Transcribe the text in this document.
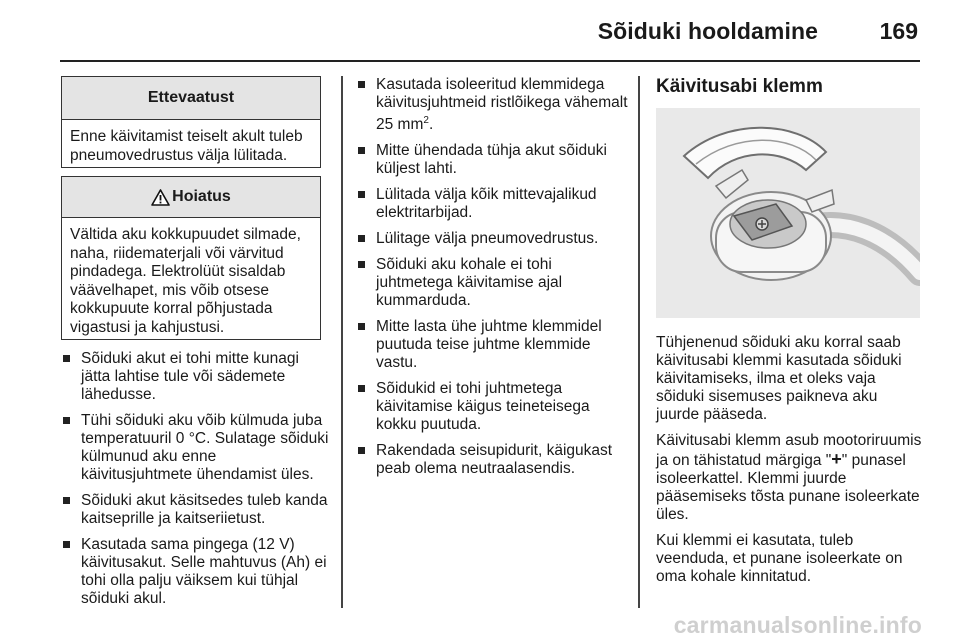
Sõiduki hooldamine	169
Ettevaatust
Enne käivitamist teiselt akult tuleb pneumovedrustus välja lülitada.
Hoiatus
Vältida aku kokkupuudet silmade, naha, riidematerjali või värvitud pindadega. Elektrolüüt sisaldab väävelhapet, mis võib otsese kokkupuute korral põhjustada vigastusi ja kahjustusi.
Sõiduki akut ei tohi mitte kunagi jätta lahtise tule või sädemete lähedusse.
Tühi sõiduki aku võib külmuda juba temperatuuril 0 °C. Sulatage sõiduki külmunud aku enne käivitusjuhtmete ühendamist üles.
Sõiduki akut käsitsedes tuleb kanda kaitseprille ja kaitseriietust.
Kasutada sama pingega (12 V) käivitusakut. Selle mahtuvus (Ah) ei tohi olla palju väiksem kui tühjal sõiduki akul.
Kasutada isoleeritud klemmidega käivitusjuhtmeid ristlõikega vähemalt 25 $mm^2$.
Mitte ühendada tühja akut sõiduki küljest lahti.
Lülitada välja kõik mittevajalikud elektritarbijad.
Lülitage välja pneumovedrustus.
Sõiduki aku kohale ei tohi juhtmetega käivitamise ajal kummarduda.
Mitte lasta ühe juhtme klemmidel puutuda teise juhtme klemmide vastu.
Sõidukid ei tohi juhtmetega käivitamise käigus teineteisega kokku puutuda.
Rakendada seisupidurit, käigukast peab olema neutraalasendis.
Käivitusabi klemm

Tühjenenud sõiduki aku korral saab käivitusabi klemmi kasutada sõiduki käivitamiseks, ilma et oleks vaja sõiduki sisemuses paikneva aku juurde pääseda.

Käivitusabi klemm asub mootoriruumis ja on tähistatud märgiga "+" punasel isoleerkattel. Klemmi juurde pääsemiseks tõsta punane isoleerkate üles.

Kui klemmi ei kasutata, tuleb veenduda, et punane isoleerkate on oma kohale kinnitatud.

carmanualsonline.info
